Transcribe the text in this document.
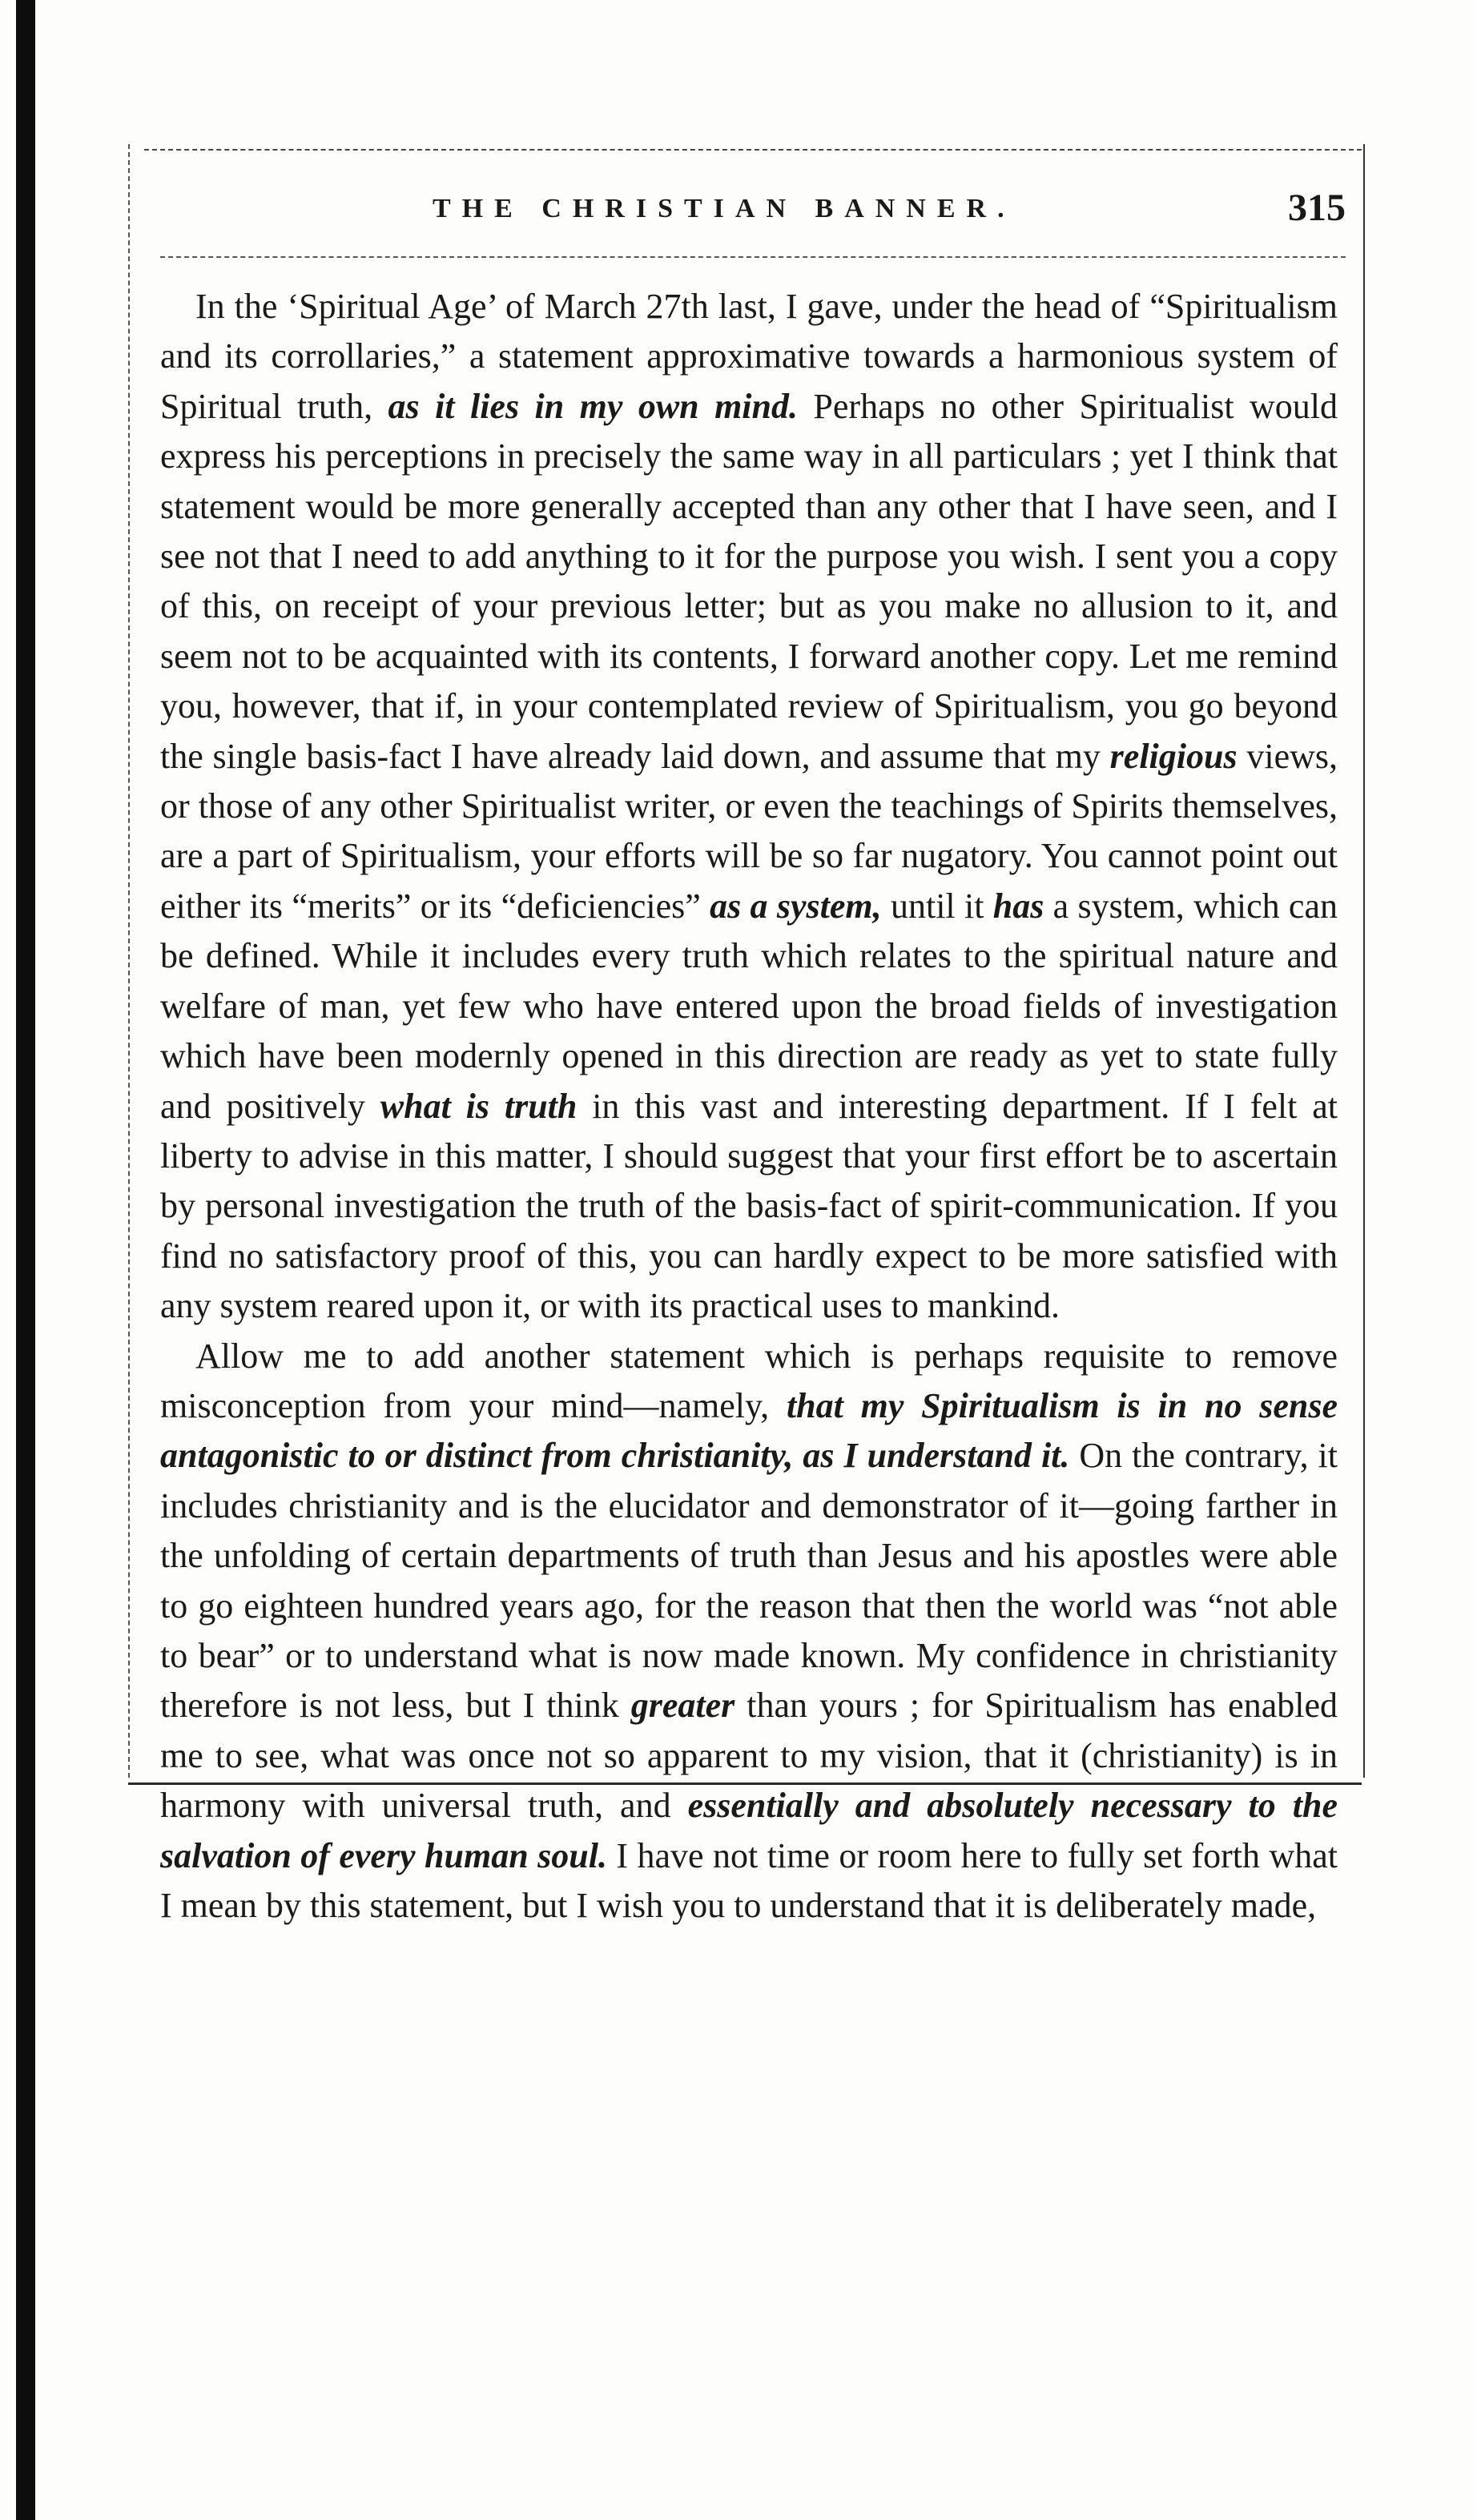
THE CHRISTIAN BANNER.	315

In the ‘Spiritual Age’ of March 27th last, I gave, under the head of “Spiritualism and its corrollaries,” a statement approximative towards a harmonious system of Spiritual truth, as it lies in my own mind. Perhaps no other Spiritualist would express his perceptions in precisely the same way in all particulars ; yet I think that statement would be more generally accepted than any other that I have seen, and I see not that I need to add anything to it for the purpose you wish. I sent you a copy of this, on receipt of your previous letter; but as you make no allusion to it, and seem not to be acquainted with its contents, I forward another copy. Let me remind you, however, that if, in your contemplated review of Spiritualism, you go beyond the single basis-fact I have already laid down, and assume that my religious views, or those of any other Spiritualist writer, or even the teachings of Spirits themselves, are a part of Spiritualism, your efforts will be so far nugatory. You cannot point out either its “merits” or its “deficiencies” as a system, until it has a system, which can be defined. While it includes every truth which relates to the spiritual nature and welfare of man, yet few who have entered upon the broad fields of investigation which have been modernly opened in this direction are ready as yet to state fully and positively what is truth in this vast and interesting department. If I felt at liberty to advise in this matter, I should suggest that your first effort be to ascertain by personal investigation the truth of the basis-fact of spirit-communication. If you find no satisfactory proof of this, you can hardly expect to be more satisfied with any system reared upon it, or with its practical uses to mankind.

Allow me to add another statement which is perhaps requisite to remove misconception from your mind—namely, that my Spiritualism is in no sense antagonistic to or distinct from christianity, as I understand it. On the contrary, it includes christianity and is the elucidator and demonstrator of it—going farther in the unfolding of certain departments of truth than Jesus and his apostles were able to go eighteen hundred years ago, for the reason that then the world was “not able to bear” or to understand what is now made known. My confidence in christianity therefore is not less, but I think greater than yours ; for Spiritualism has enabled me to see, what was once not so apparent to my vision, that it (christianity) is in harmony with universal truth, and essentially and absolutely necessary to the salvation of every human soul. I have not time or room here to fully set forth what I mean by this statement, but I wish you to understand that it is deliberately made,
